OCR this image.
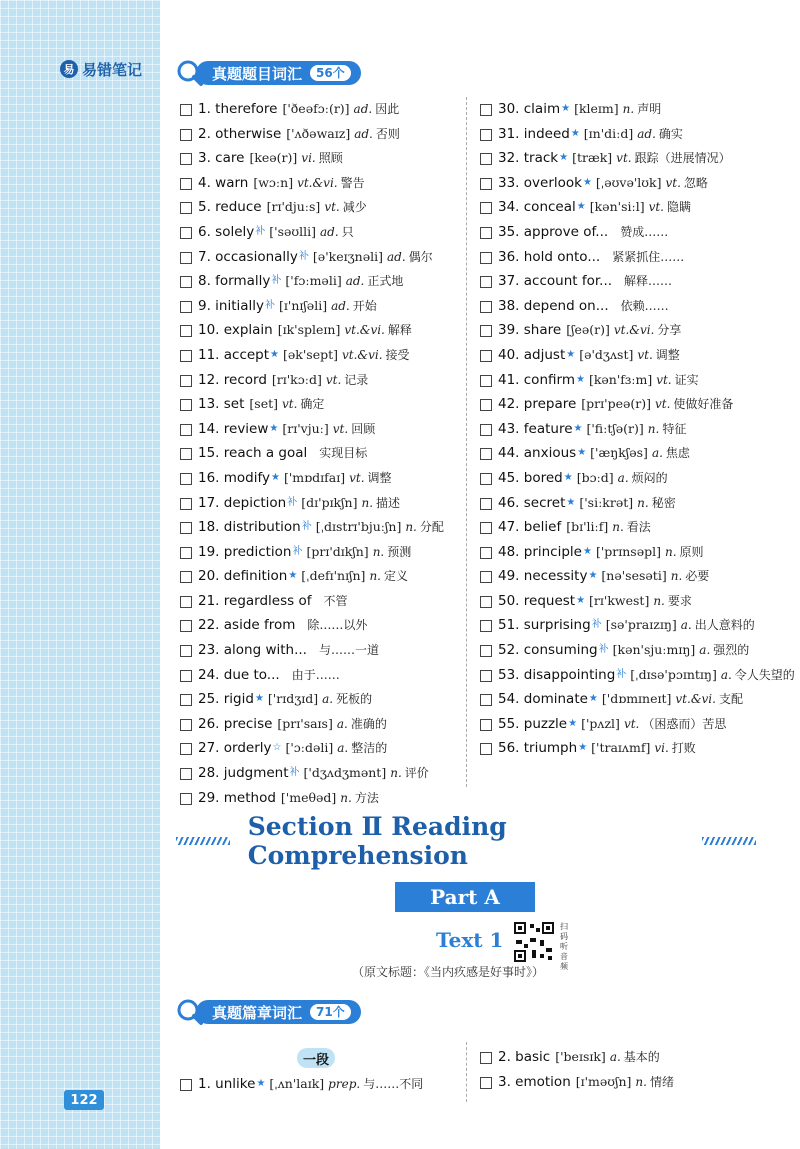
易 易错笔记
122
真题题目词汇	56个
1. therefore ['ðeəfɔː(r)] ad. 因此
2. otherwise ['ʌðəwaɪz] ad. 否则
3. care [keə(r)] vi. 照顾
4. warn [wɔːn] vt.&vi. 警告
5. reduce [rɪ'djuːs] vt. 减少
6. solely 补 ['səʊlli] ad. 只
7. occasionally 补 [ə'keɪʒnəli] ad. 偶尔
8. formally 补 ['fɔːməli] ad. 正式地
9. initially 补 [ɪ'nɪʃəli] ad. 开始
10. explain [ɪk'spleɪn] vt.&vi. 解释
11. accept ★ [ək'sept] vt.&vi. 接受
12. record [rɪ'kɔːd] vt. 记录
13. set [set] vt. 确定
14. review ★ [rɪ'vjuː] vt. 回顾
15. reach a goal 实现目标
16. modify ★ ['mɒdɪfaɪ] vt. 调整
17. depiction 补 [dɪ'pɪkʃn] n. 描述
18. distribution 补 [ˌdɪstrɪ'bjuːʃn] n. 分配
19. prediction 补 [prɪ'dɪkʃn] n. 预测
20. definition ★ [ˌdefɪ'nɪʃn] n. 定义
21. regardless of 不管
22. aside from 除……以外
23. along with... 与……一道
24. due to... 由于……
25. rigid ★ ['rɪdʒɪd] a. 死板的
26. precise [prɪ'saɪs] a. 准确的
27. orderly ☆ ['ɔːdəli] a. 整洁的
28. judgment 补 ['dʒʌdʒmənt] n. 评价
29. method ['meθəd] n. 方法
30. claim ★ [kleɪm] n. 声明
31. indeed ★ [ɪn'diːd] ad. 确实
32. track ★ [træk] vt. 跟踪（进展情况）
33. overlook ★ [ˌəʊvə'lʊk] vt. 忽略
34. conceal ★ [kən'siːl] vt. 隐瞒
35. approve of... 赞成……
36. hold onto... 紧紧抓住……
37. account for... 解释……
38. depend on... 依赖……
39. share [ʃeə(r)] vt.&vi. 分享
40. adjust ★ [ə'dʒʌst] vt. 调整
41. confirm ★ [kən'fɜːm] vt. 证实
42. prepare [prɪ'peə(r)] vt. 使做好准备
43. feature ★ ['fiːtʃə(r)] n. 特征
44. anxious ★ ['æŋkʃəs] a. 焦虑
45. bored ★ [bɔːd] a. 烦闷的
46. secret ★ ['siːkrət] n. 秘密
47. belief [bɪ'liːf] n. 看法
48. principle ★ ['prɪnsəpl] n. 原则
49. necessity ★ [nə'sesəti] n. 必要
50. request ★ [rɪ'kwest] n. 要求
51. surprising 补 [sə'praɪzɪŋ] a. 出人意料的
52. consuming 补 [kən'sjuːmɪŋ] a. 强烈的
53. disappointing 补 [ˌdɪsə'pɔɪntɪŋ] a. 令人失望的
54. dominate ★ ['dɒmɪneɪt] vt.&vi. 支配
55. puzzle ★ ['pʌzl] vt. （困惑而）苦思
56. triumph ★ ['traɪʌmf] vi. 打败
Section Ⅱ Reading Comprehension
Part A
Text 1
扫码听音频
（原文标题：《当内疚感是好事时》）
真题篇章词汇	71个
一段
1. unlike ★ [ˌʌn'laɪk] prep. 与……不同
2. basic ['beɪsɪk] a. 基本的
3. emotion [ɪ'məʊʃn] n. 情绪
